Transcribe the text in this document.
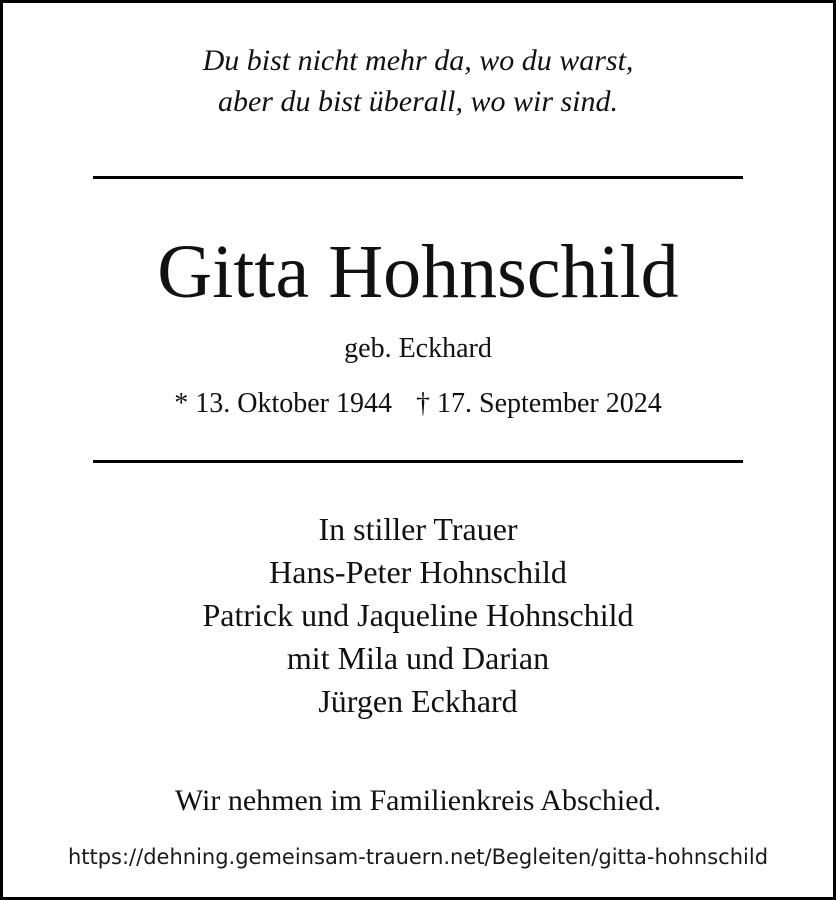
Du bist nicht mehr da, wo du warst,
aber du bist überall, wo wir sind.
Gitta Hohnschild
geb. Eckhard
* 13. Oktober 1944 † 17. September 2024
In stiller Trauer
Hans-Peter Hohnschild
Patrick und Jaqueline Hohnschild
mit Mila und Darian
Jürgen Eckhard
Wir nehmen im Familienkreis Abschied.
https://dehning.gemeinsam-trauern.net/Begleiten/gitta-hohnschild
